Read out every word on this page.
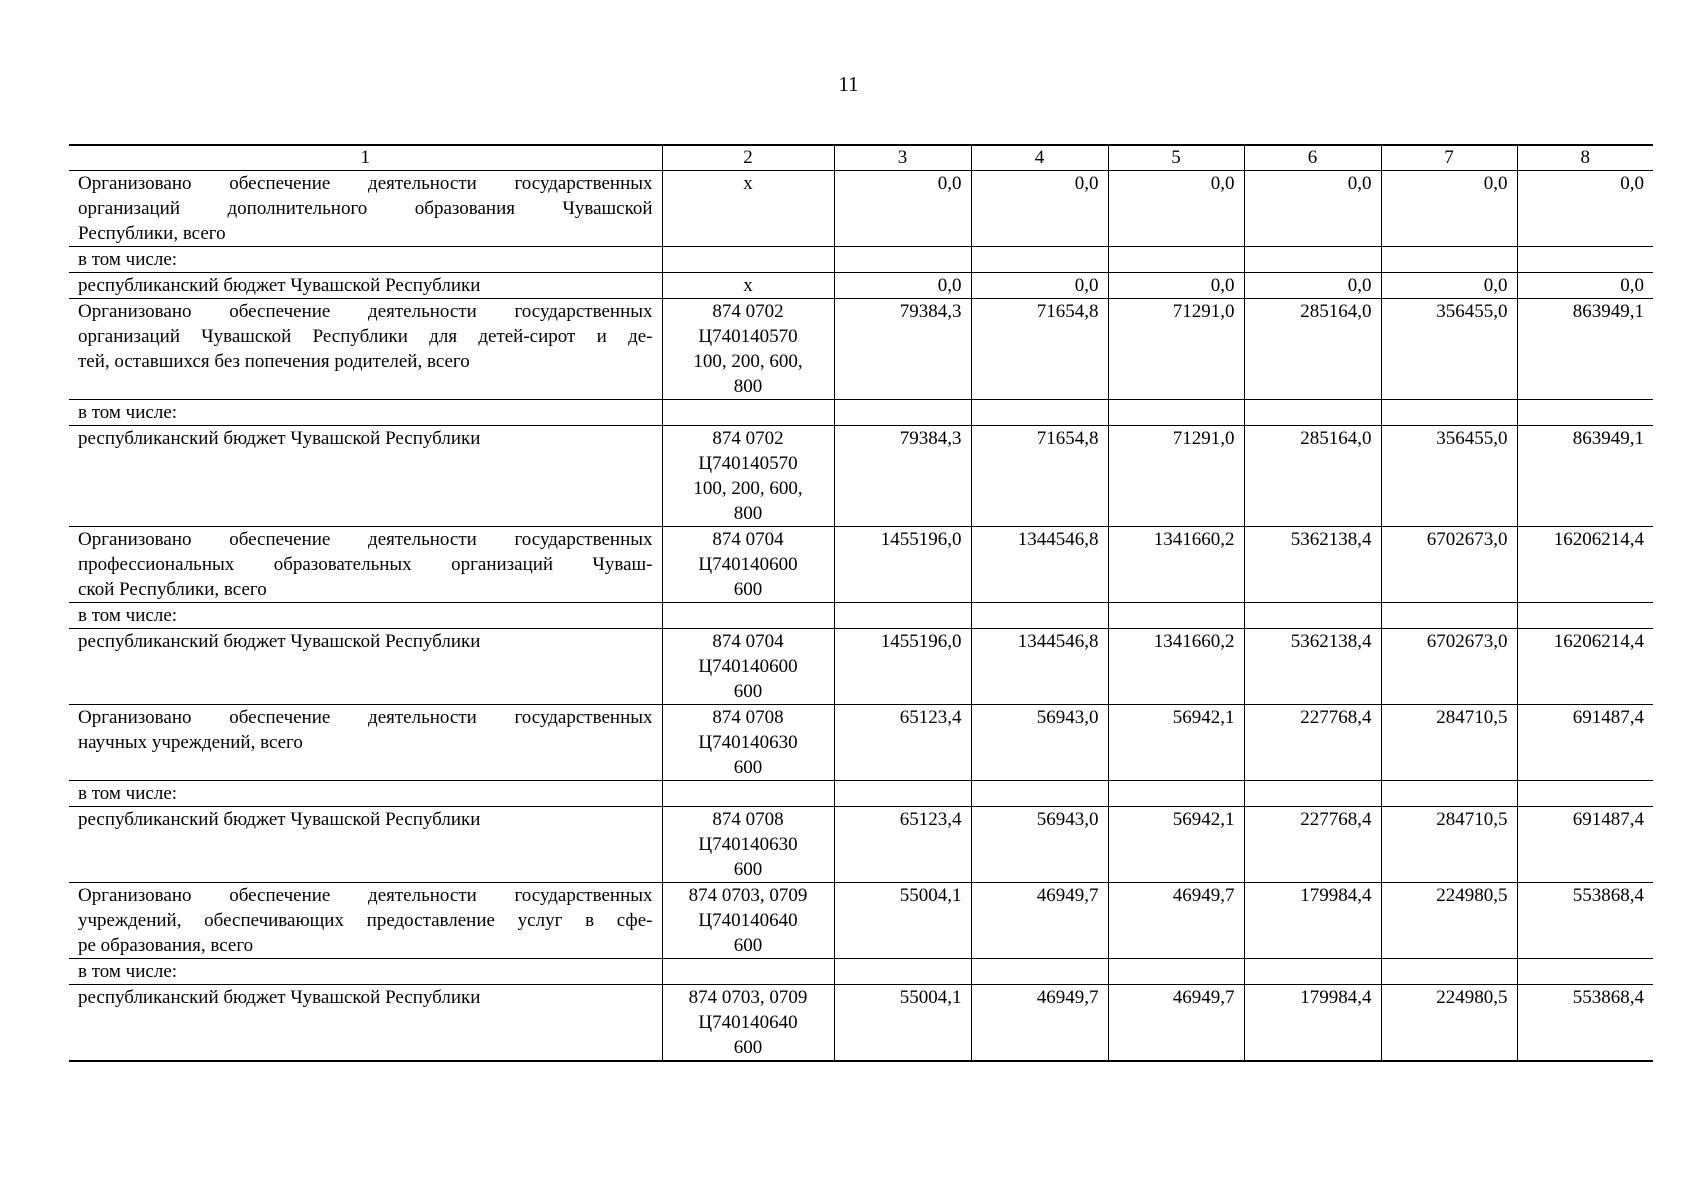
11
1	2	3	4	5	6	7	8

Организовано обеспечение деятельности государственных
организаций дополнительного образования Чувашской
Республики, всего	х	0,0	0,0	0,0	0,0	0,0	0,0
в том числе:							

республиканский бюджет Чувашской Республики	х	0,0	0,0	0,0	0,0	0,0	0,0

Организовано обеспечение деятельности государственных
организаций Чувашской Республики для детей-сирот и де-
тей, оставшихся без попечения родителей, всего	874 0702
Ц740140570
100, 200, 600,
800	79384,3	71654,8	71291,0	285164,0	356455,0	863949,1
в том числе:							

республиканский бюджет Чувашской Республики	874 0702
Ц740140570
100, 200, 600,
800	79384,3	71654,8	71291,0	285164,0	356455,0	863949,1

Организовано обеспечение деятельности государственных
профессиональных образовательных организаций Чуваш-
ской Республики, всего	874 0704
Ц740140600
600	1455196,0	1344546,8	1341660,2	5362138,4	6702673,0	16206214,4
в том числе:							

республиканский бюджет Чувашской Республики	874 0704
Ц740140600
600	1455196,0	1344546,8	1341660,2	5362138,4	6702673,0	16206214,4

Организовано обеспечение деятельности государственных
научных учреждений, всего	874 0708
Ц740140630
600	65123,4	56943,0	56942,1	227768,4	284710,5	691487,4
в том числе:							

республиканский бюджет Чувашской Республики	874 0708
Ц740140630
600	65123,4	56943,0	56942,1	227768,4	284710,5	691487,4

Организовано обеспечение деятельности государственных
учреждений, обеспечивающих предоставление услуг в сфе-
ре образования, всего	874 0703, 0709
Ц740140640
600	55004,1	46949,7	46949,7	179984,4	224980,5	553868,4
в том числе:							

республиканский бюджет Чувашской Республики	874 0703, 0709
Ц740140640
600	55004,1	46949,7	46949,7	179984,4	224980,5	553868,4
